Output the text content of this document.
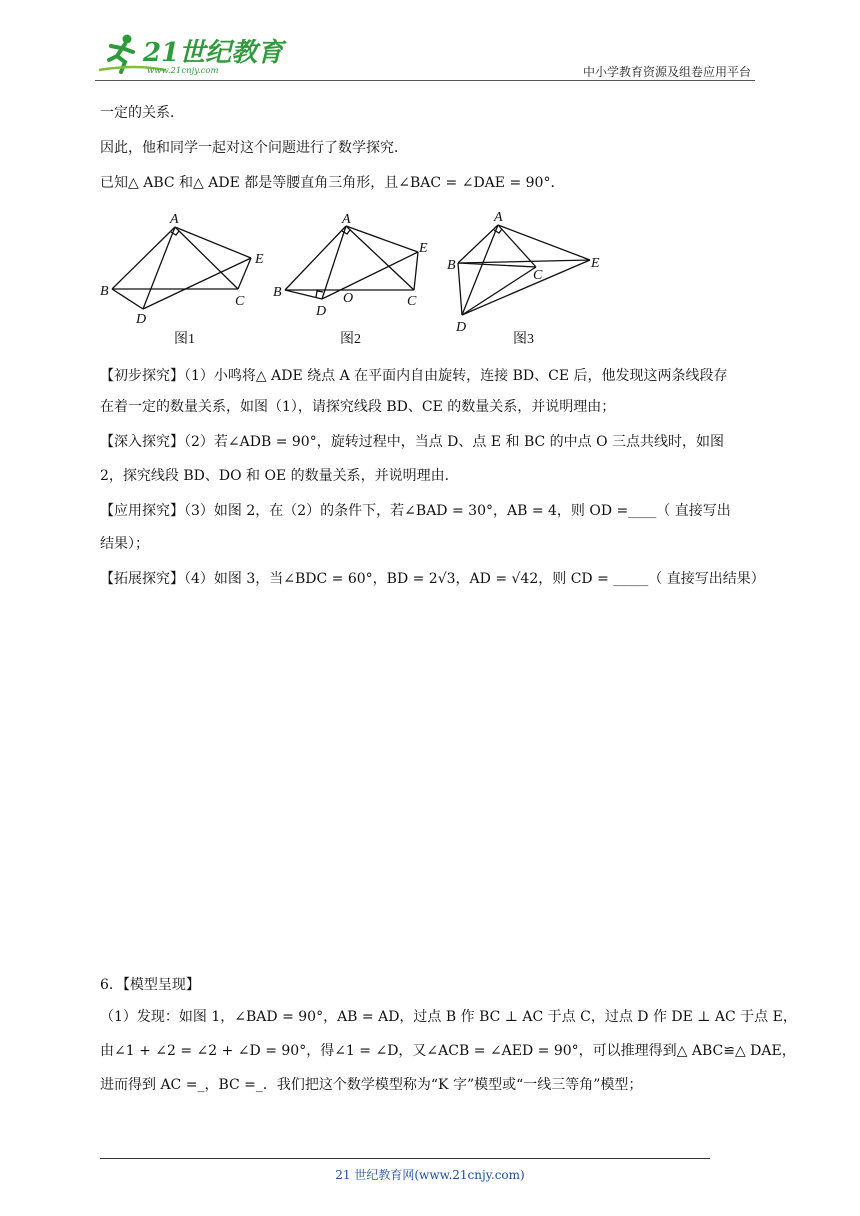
21世纪教育
www.21cnjy.com	中小学教育资源及组卷应用平台
一定的关系．
因此，他和同学一起对这个问题进行了数学探究．
已知△ ABC 和△ ADE 都是等腰直角三角形，且∠BAC = ∠DAE = 90°．
A
B
C
D
E
A
B
C
D
E
O
A
B
C
D
E
图1	图2	图3
【初步探究】（1）小鸣将△ ADE 绕点 A 在平面内自由旋转，连接 BD、CE 后，他发现这两条线段存
在着一定的数量关系，如图（1），请探究线段 BD、CE 的数量关系，并说明理由；
【深入探究】（2）若∠ADB = 90°，旋转过程中，当点 D、点 E 和 BC 的中点 O 三点共线时，如图
2，探究线段 BD、DO 和 OE 的数量关系，并说明理由．
【应用探究】（3）如图 2，在（2）的条件下，若∠BAD = 30°，AB = 4，则 OD =____（ 直接写出
结果）；
【拓展探究】（4）如图 3，当∠BDC = 60°，BD = 2√3，AD = √42，则 CD = _____（ 直接写出结果）
6．【模型呈现】
（1）发现：如图 1，∠BAD = 90°，AB = AD，过点 B 作 BC ⊥ AC 于点 C，过点 D 作 DE ⊥ AC 于点 E，
由∠1 + ∠2 = ∠2 + ∠D = 90°，得∠1 = ∠D，又∠ACB = ∠AED = 90°，可以推理得到△ ABC≌△ DAE，
进而得到 AC =_，BC =_．我们把这个数学模型称为“K 字”模型或“一线三等角”模型；
21 世纪教育网(www.21cnjy.com)
